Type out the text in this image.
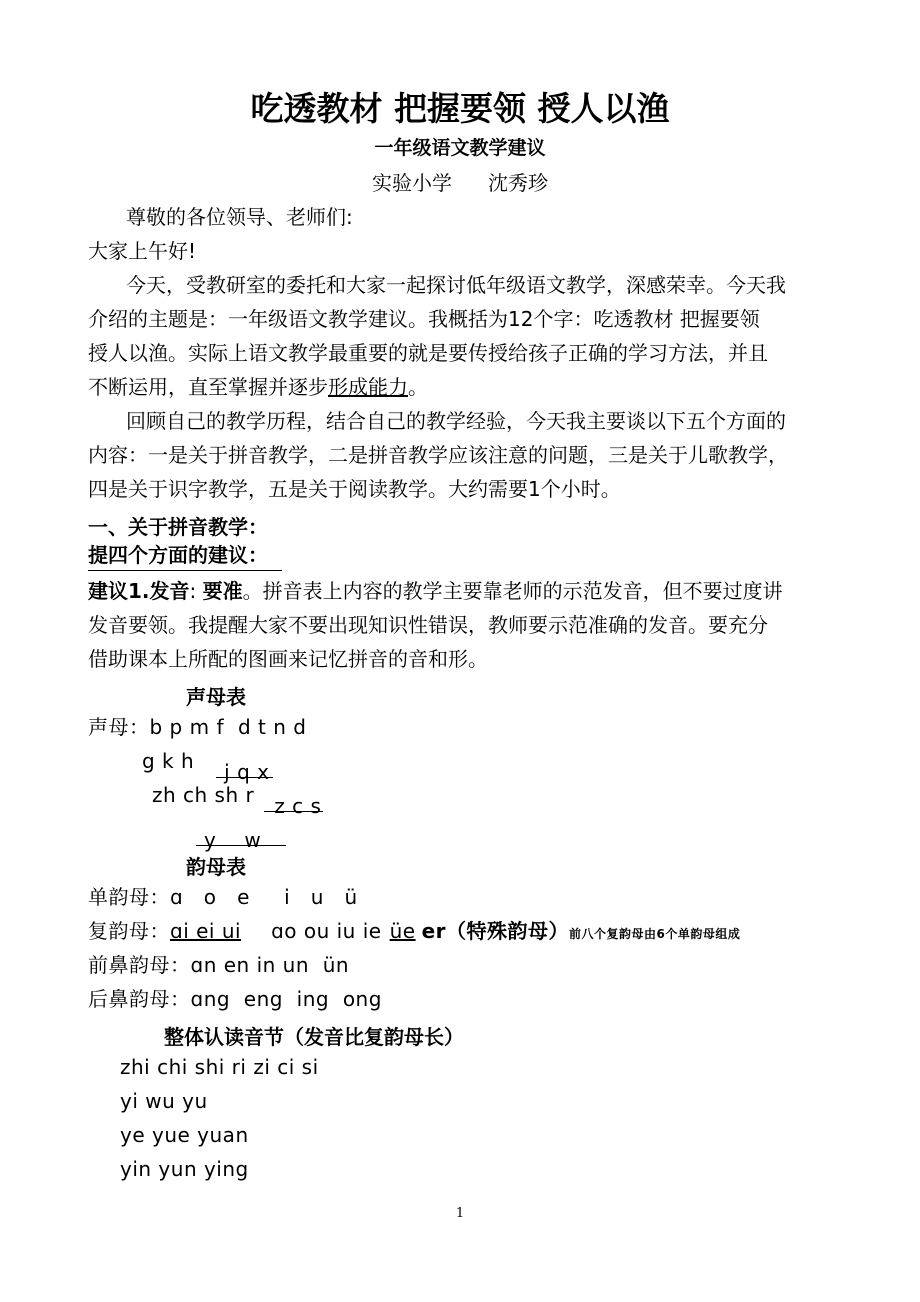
吃透教材 把握要领 授人以渔
一年级语文教学建议
实验小学 沈秀珍
尊敬的各位领导、老师们:
大家上午好!
今天，受教研室的委托和大家一起探讨低年级语文教学，深感荣幸。今天我
介绍的主题是：一年级语文教学建议。我概括为12个字：吃透教材 把握要领
授人以渔。实际上语文教学最重要的就是要传授给孩子正确的学习方法，并且
不断运用，直至掌握并逐步形成能力。
回顾自己的教学历程，结合自己的教学经验，今天我主要谈以下五个方面的
内容：一是关于拼音教学，二是拼音教学应该注意的问题，三是关于儿歌教学，
四是关于识字教学，五是关于阅读教学。大约需要1个小时。
一、关于拼音教学：
提四个方面的建议：
建议1.发音: 要准。拼音表上内容的教学主要靠老师的示范发音，但不要过度讲
发音要领。我提醒大家不要出现知识性错误，教师要示范准确的发音。要充分
借助课本上所配的图画来记忆拼音的音和形。
声母表
声母：b p m f d t n d
g k h j q x
zh ch sh r z c s
y w
韵母表
单韵母：ɑ   o   e     i   u   ü
复韵母：ɑi ei ui ɑo ou iu ie üe er（特殊韵母）前八个复韵母由6个单韵母组成
前鼻韵母：ɑn en in un  ün
后鼻韵母：ɑng  eng  ing  ong
整体认读音节（发音比复韵母长）
zhi chi shi ri zi ci si
yi wu yu
ye yue yuan
yin yun ying
1
